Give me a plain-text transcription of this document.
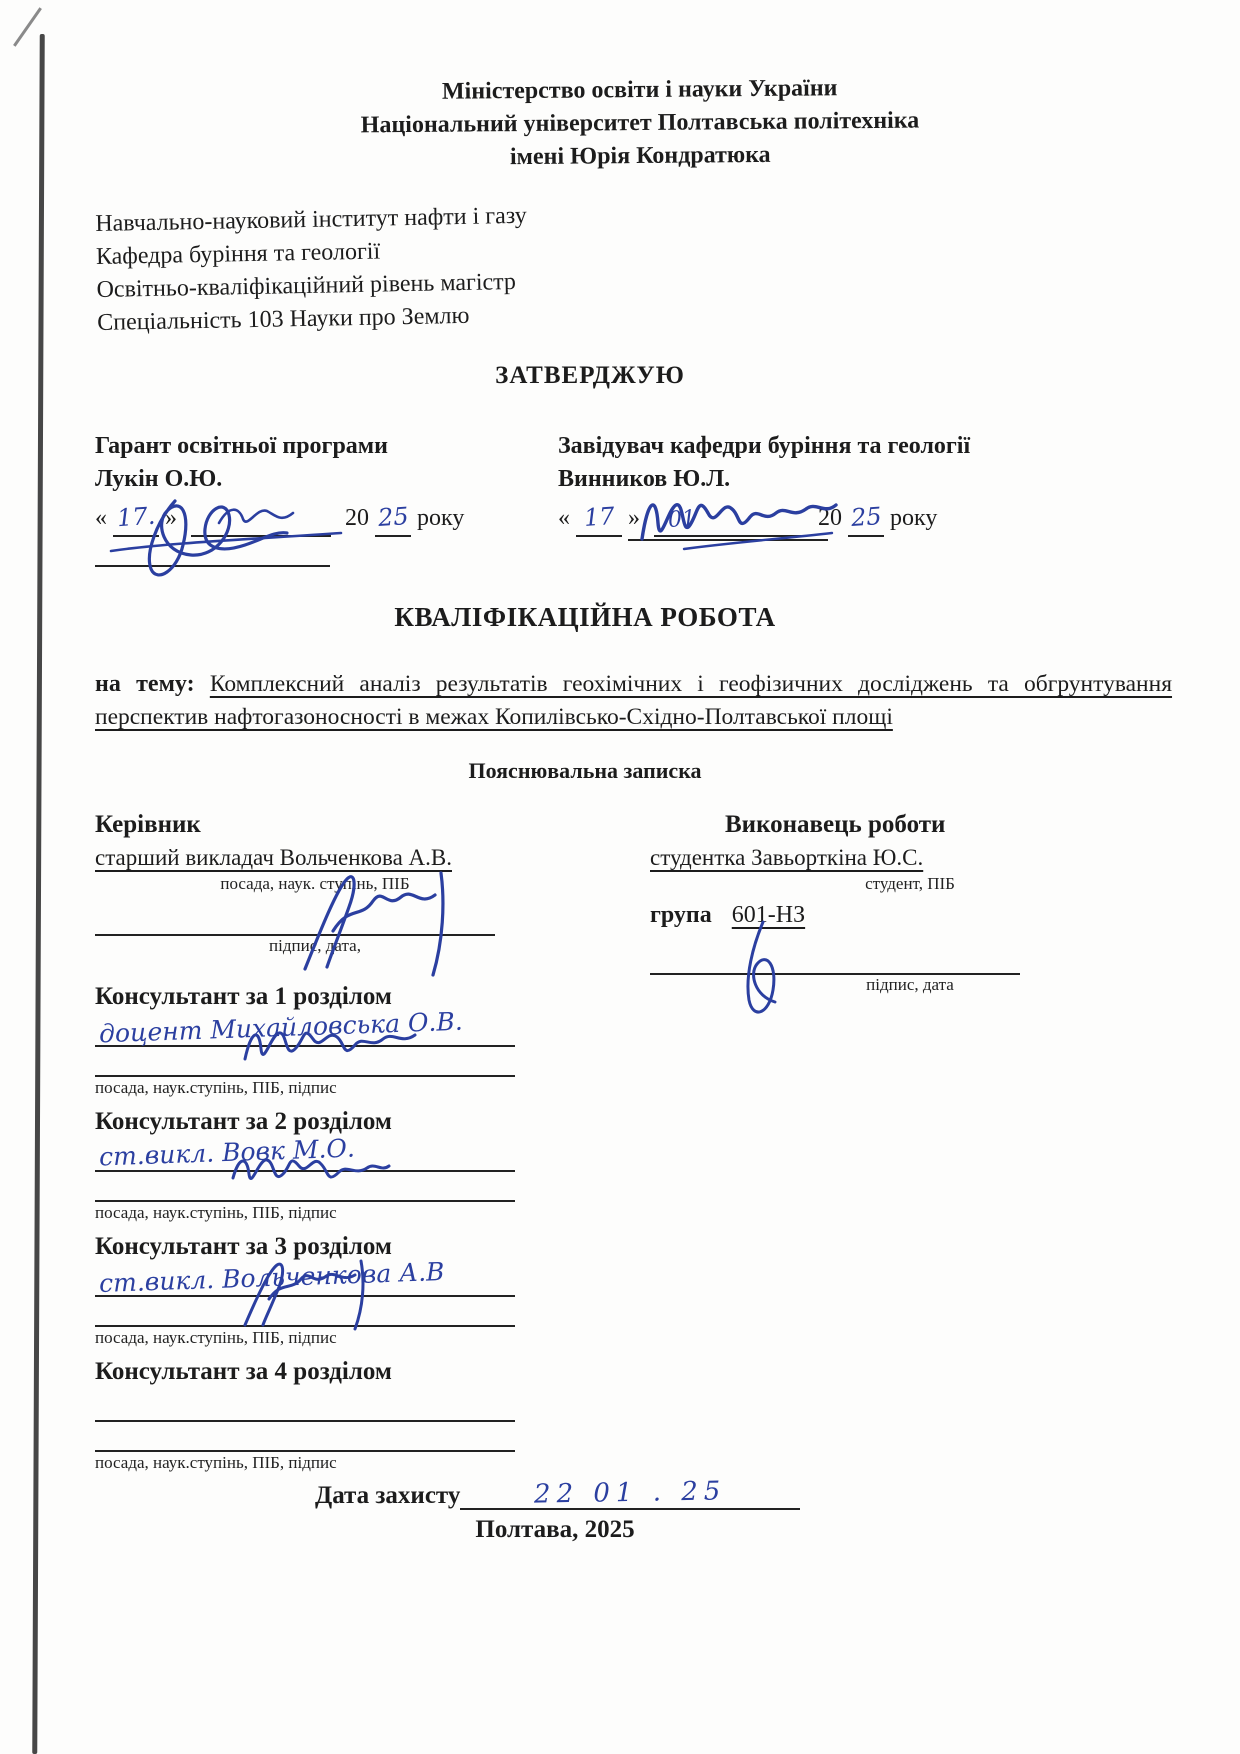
Міністерство освіти і науки України
Національний університет Полтавська політехніка
імені Юрія Кондратюка
Навчально-науковий інститут нафти і газу
Кафедра буріння та геології
Освітньо-кваліфікаційний рівень магістр
Спеціальність 103 Науки про Землю
ЗАТВЕРДЖУЮ
Гарант освітньої програми
Лукін О.Ю.
« 17. »	20 25 року
Завідувач кафедри буріння та геології
Винников Ю.Л.
« 17 » 01	20 25 року
КВАЛІФІКАЦІЙНА РОБОТА
на тему: Комплексний аналіз результатів геохімічних і геофізичних досліджень та обгрунтування перспектив нафтогазоносності в межах Копилівсько-Східно-Полтавської площі
Пояснювальна записка
Керівник
старший викладач Вольченкова А.В.
посада, наук. ступінь, ПІБ
підпис, дата,
Виконавець роботи
студентка Завьорткіна Ю.С.
студент, ПІБ
група 601-НЗ
підпис, дата
Консультант за 1 розділом
доцент Михайловська О.В.
посада, наук.ступінь, ПІБ, підпис
Консультант за 2 розділом
ст.викл. Вовк М.О.
посада, наук.ступінь, ПІБ, підпис
Консультант за 3 розділом
ст.викл. Вольченкова А.В
посада, наук.ступінь, ПІБ, підпис
Консультант за 4 розділом
посада, наук.ступінь, ПІБ, підпис
Дата захисту	22 01 . 25
Полтава, 2025
